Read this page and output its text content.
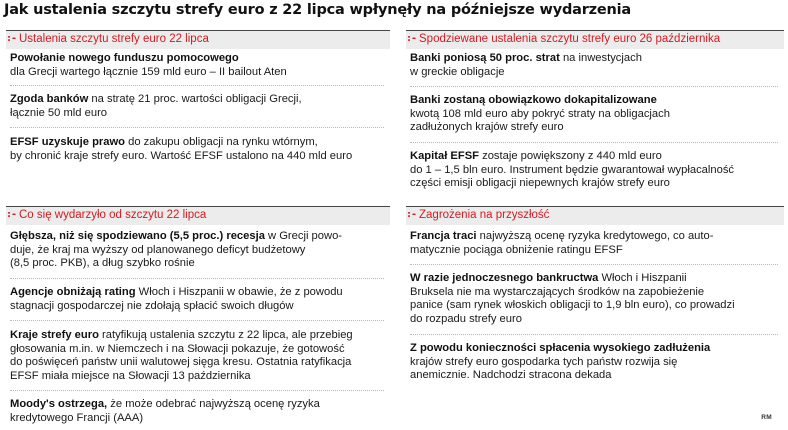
Jak ustalenia szczytu strefy euro z 22 lipca wpłynęły na późniejsze wydarzenia
:- Ustalenia szczytu strefy euro 22 lipca

Powołanie nowego funduszu pomocowego
dla Grecji wartego łącznie 159 mld euro – II bailout Aten

Zgoda banków na stratę 21 proc. wartości obligacji Grecji,
łącznie 50 mld euro

EFSF uzyskuje prawo do zakupu obligacji na rynku wtórnym,
by chronić kraje strefy euro. Wartość EFSF ustalono na 440 mld euro

:- Co się wydarzyło od szczytu 22 lipca

Głębsza, niż się spodziewano (5,5 proc.) recesja w Grecji powo-
duje, że kraj ma wyższy od planowanego deficyt budżetowy
(8,5 proc. PKB), a dług szybko rośnie

Agencje obniżają rating Włoch i Hiszpanii w obawie, że z powodu
stagnacji gospodarczej nie zdołają spłacić swoich długów

Kraje strefy euro ratyfikują ustalenia szczytu z 22 lipca, ale przebieg
głosowania m.in. w Niemczech i na Słowacji pokazuje, że gotowość
do poświęceń państw unii walutowej sięga kresu. Ostatnia ratyfikacja
EFSF miała miejsce na Słowacji 13 października

Moody's ostrzega, że może odebrać najwyższą ocenę ryzyka
kredytowego Francji (AAA)

:- Spodziewane ustalenia szczytu strefy euro 26 października

Banki poniosą 50 proc. strat na inwestycjach
w greckie obligacje

Banki zostaną obowiązkowo dokapitalizowane
kwotą 108 mld euro aby pokryć straty na obligacjach
zadłużonych krajów strefy euro

Kapitał EFSF zostaje powiększony z 440 mld euro
do 1 – 1,5 bln euro. Instrument będzie gwarantował wypłacalność
części emisji obligacji niepewnych krajów strefy euro

:- Zagrożenia na przyszłość

Francja traci najwyższą ocenę ryzyka kredytowego, co auto-
matycznie pociąga obniżenie ratingu EFSF

W razie jednoczesnego bankructwa Włoch i Hiszpanii
Bruksela nie ma wystarczających środków na zapobieżenie
panice (sam rynek włoskich obligacji to 1,9 bln euro), co prowadzi
do rozpadu strefy euro

Z powodu konieczności spłacenia wysokiego zadłużenia
krajów strefy euro gospodarka tych państw rozwija się
anemicznie. Nadchodzi stracona dekada

RM
